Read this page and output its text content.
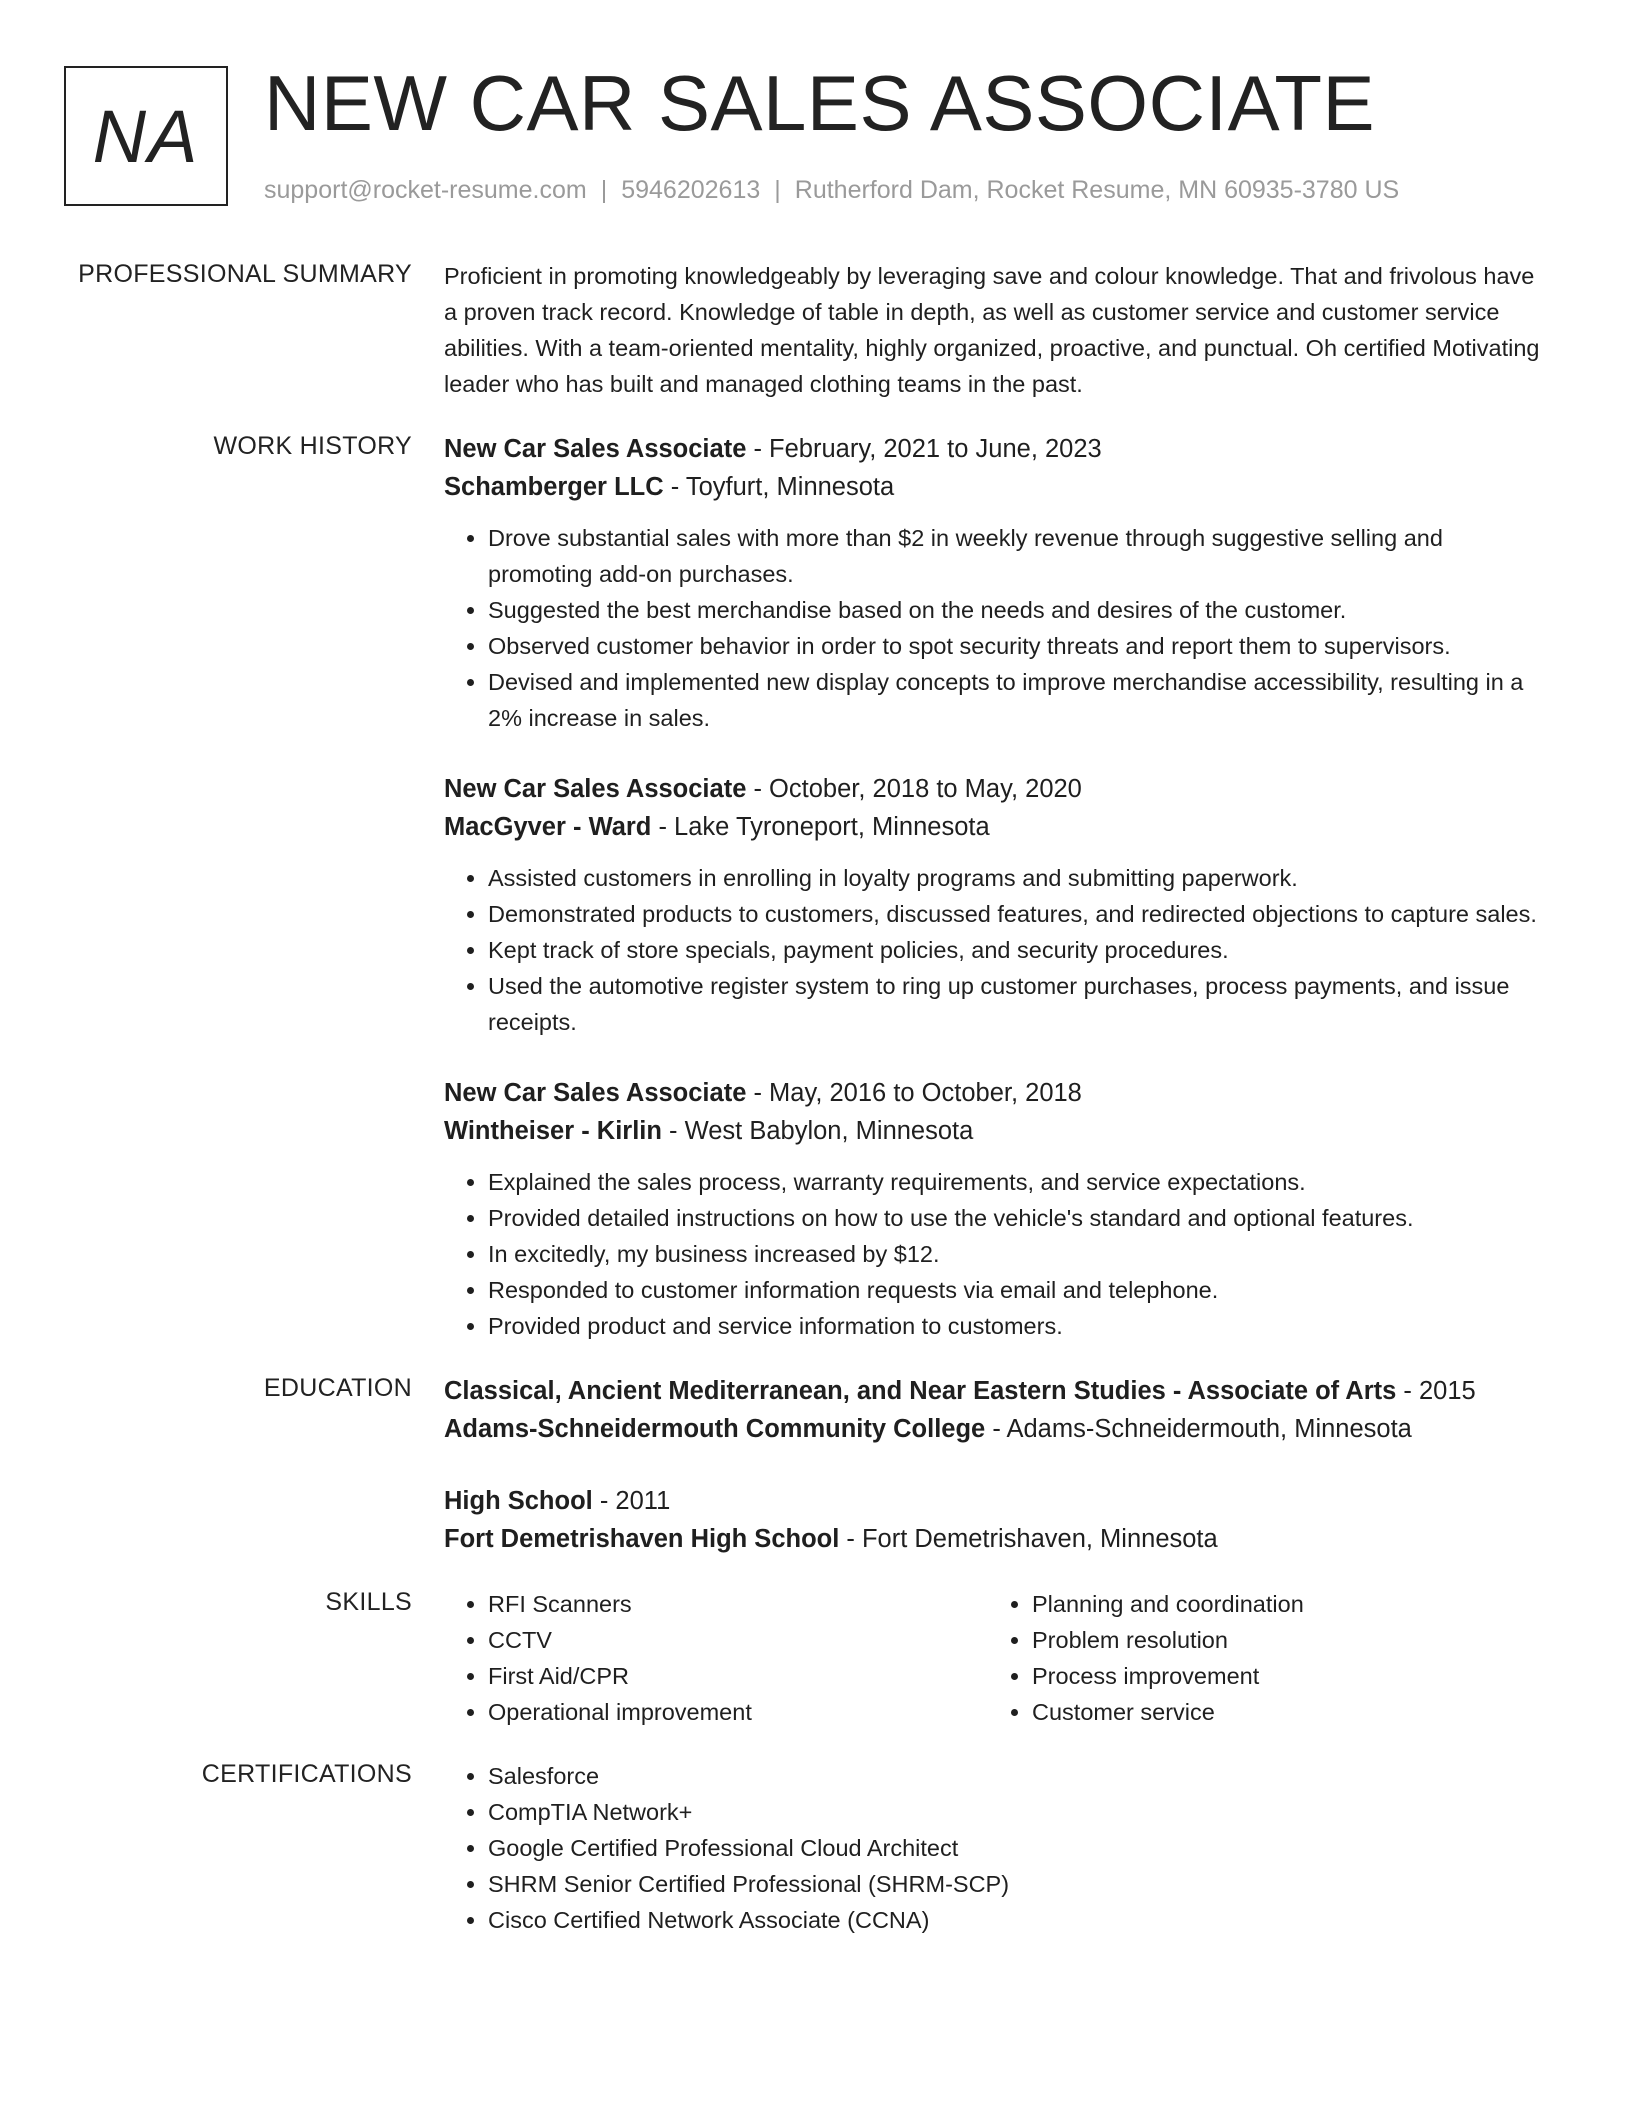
NA NEW CAR SALES ASSOCIATE
support@rocket-resume.com | 5946202613 | Rutherford Dam, Rocket Resume, MN 60935-3780 US
PROFESSIONAL SUMMARY Proficient in promoting knowledgeably by leveraging save and colour knowledge. That and frivolous have a proven track record. Knowledge of table in depth, as well as customer service and customer service abilities. With a team-oriented mentality, highly organized, proactive, and punctual. Oh certified Motivating leader who has built and managed clothing teams in the past.

WORK HISTORY New Car Sales Associate - February, 2021 to June, 2023
Schamberger LLC - Toyfurt, Minnesota
• Drove substantial sales with more than $2 in weekly revenue through suggestive selling and promoting add-on purchases.
• Suggested the best merchandise based on the needs and desires of the customer.
• Observed customer behavior in order to spot security threats and report them to supervisors.
• Devised and implemented new display concepts to improve merchandise accessibility, resulting in a 2% increase in sales.
New Car Sales Associate - October, 2018 to May, 2020
MacGyver - Ward - Lake Tyroneport, Minnesota
• Assisted customers in enrolling in loyalty programs and submitting paperwork.
• Demonstrated products to customers, discussed features, and redirected objections to capture sales.
• Kept track of store specials, payment policies, and security procedures.
• Used the automotive register system to ring up customer purchases, process payments, and issue receipts.
New Car Sales Associate - May, 2016 to October, 2018
Wintheiser - Kirlin - West Babylon, Minnesota
• Explained the sales process, warranty requirements, and service expectations.
• Provided detailed instructions on how to use the vehicle's standard and optional features.
• In excitedly, my business increased by $12.
• Responded to customer information requests via email and telephone.
• Provided product and service information to customers.
EDUCATION Classical, Ancient Mediterranean, and Near Eastern Studies - Associate of Arts - 2015
Adams-Schneidermouth Community College - Adams-Schneidermouth, Minnesota
High School - 2011
Fort Demetrishaven High School - Fort Demetrishaven, Minnesota
SKILLS	• RFI Scanners
• CCTV
• First Aid/CPR
• Operational improvement
• Planning and coordination
• Problem resolution
• Process improvement
• Customer service
CERTIFICATIONS	• Salesforce
• CompTIA Network+
• Google Certified Professional Cloud Architect
• SHRM Senior Certified Professional (SHRM-SCP)
• Cisco Certified Network Associate (CCNA)
